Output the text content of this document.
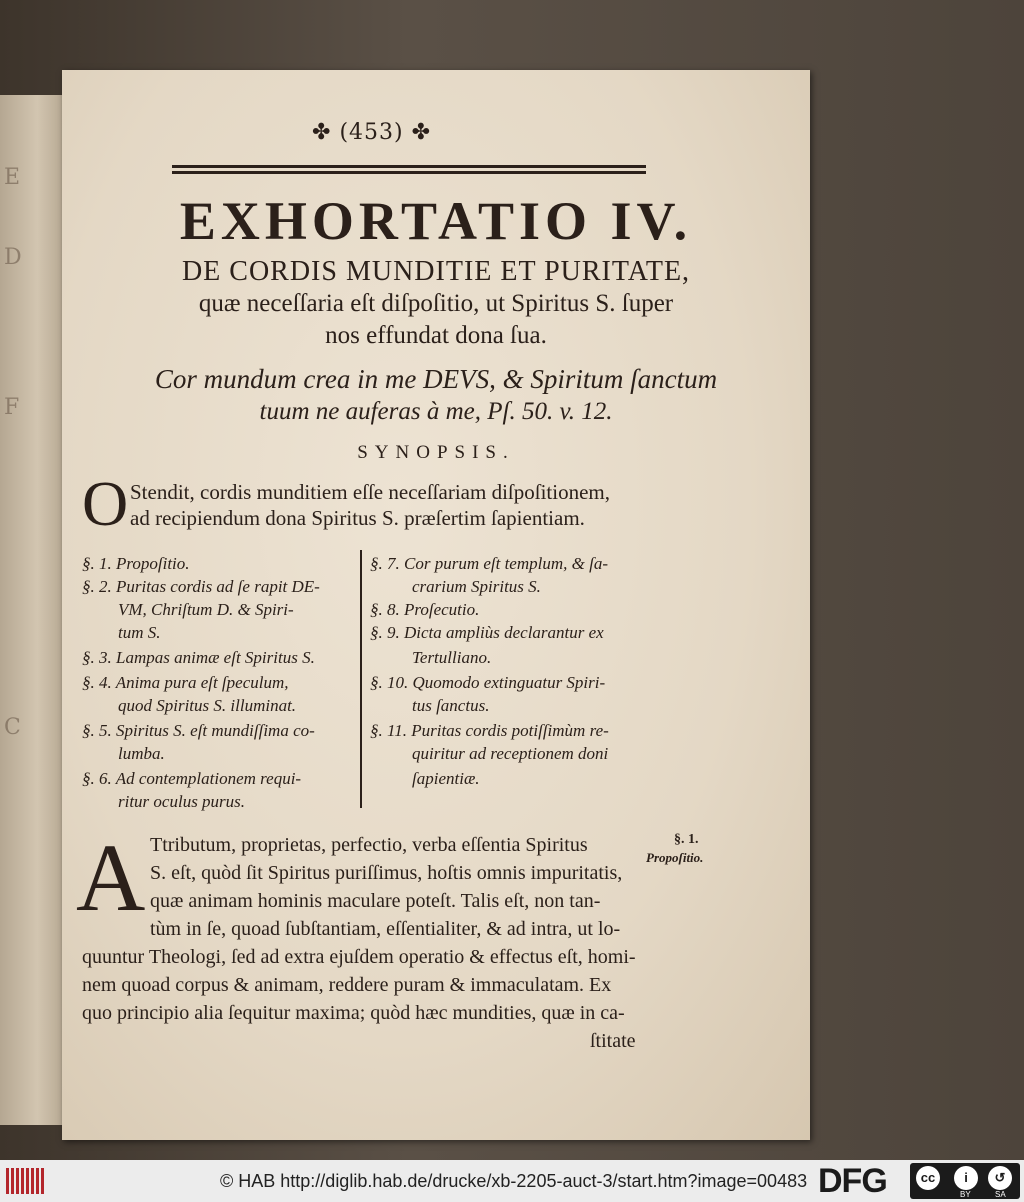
E
D
F
C
✤ (453) ✤
EXHORTATIO IV.
DE CORDIS MUNDITIE ET PURITATE,
quæ neceſſaria eſt diſpoſitio, ut Spiritus S. ſuper
nos effundat dona ſua.
Cor mundum crea in me DEVS, & Spiritum ſanctum
tuum ne auferas à me, Pſ. 50. v. 12.
SYNOPSIS.
O Stendit, cordis munditiem eſſe neceſſariam diſpoſitionem,
ad recipiendum dona Spiritus S. præſertim ſapientiam.
§. 1. Propoſitio.
§. 2. Puritas cordis ad ſe rapit DE-
VM, Chriſtum D. & Spiri-
tum S.
§. 3. Lampas animæ eſt Spiritus S.
§. 4. Anima pura eſt ſpeculum,
quod Spiritus S. illuminat.
§. 5. Spiritus S. eſt mundiſſima co-
lumba.
§. 6. Ad contemplationem requi-
ritur oculus purus.
§. 7. Cor purum eſt templum, & ſa-
crarium Spiritus S.
§. 8. Proſecutio.
§. 9. Dicta ampliùs declarantur ex
Tertulliano.
§. 10. Quomodo extinguatur Spiri-
tus ſanctus.
§. 11. Puritas cordis potiſſimùm re-
quiritur ad receptionem doni
ſapientiæ.
A Ttributum, proprietas, perfectio, verba eſſentia Spiritus
S. eſt, quòd ſit Spiritus puriſſimus, hoſtis omnis impuritatis,
quæ animam hominis maculare poteſt. Talis eſt, non tan-
tùm in ſe, quoad ſubſtantiam, eſſentialiter, & ad intra, ut lo-
quuntur Theologi, ſed ad extra ejuſdem operatio & effectus eſt, homi-
nem quoad corpus & animam, reddere puram & immaculatam. Ex
quo principio alia ſequitur maxima; quòd hæc mundities, quæ in ca-
ſtitate
§. 1.
Propoſitio.
© HAB http://diglib.hab.de/drucke/xb-2205-auct-3/start.htm?image=00483 DFG	cc	i	↺
BY	SA
